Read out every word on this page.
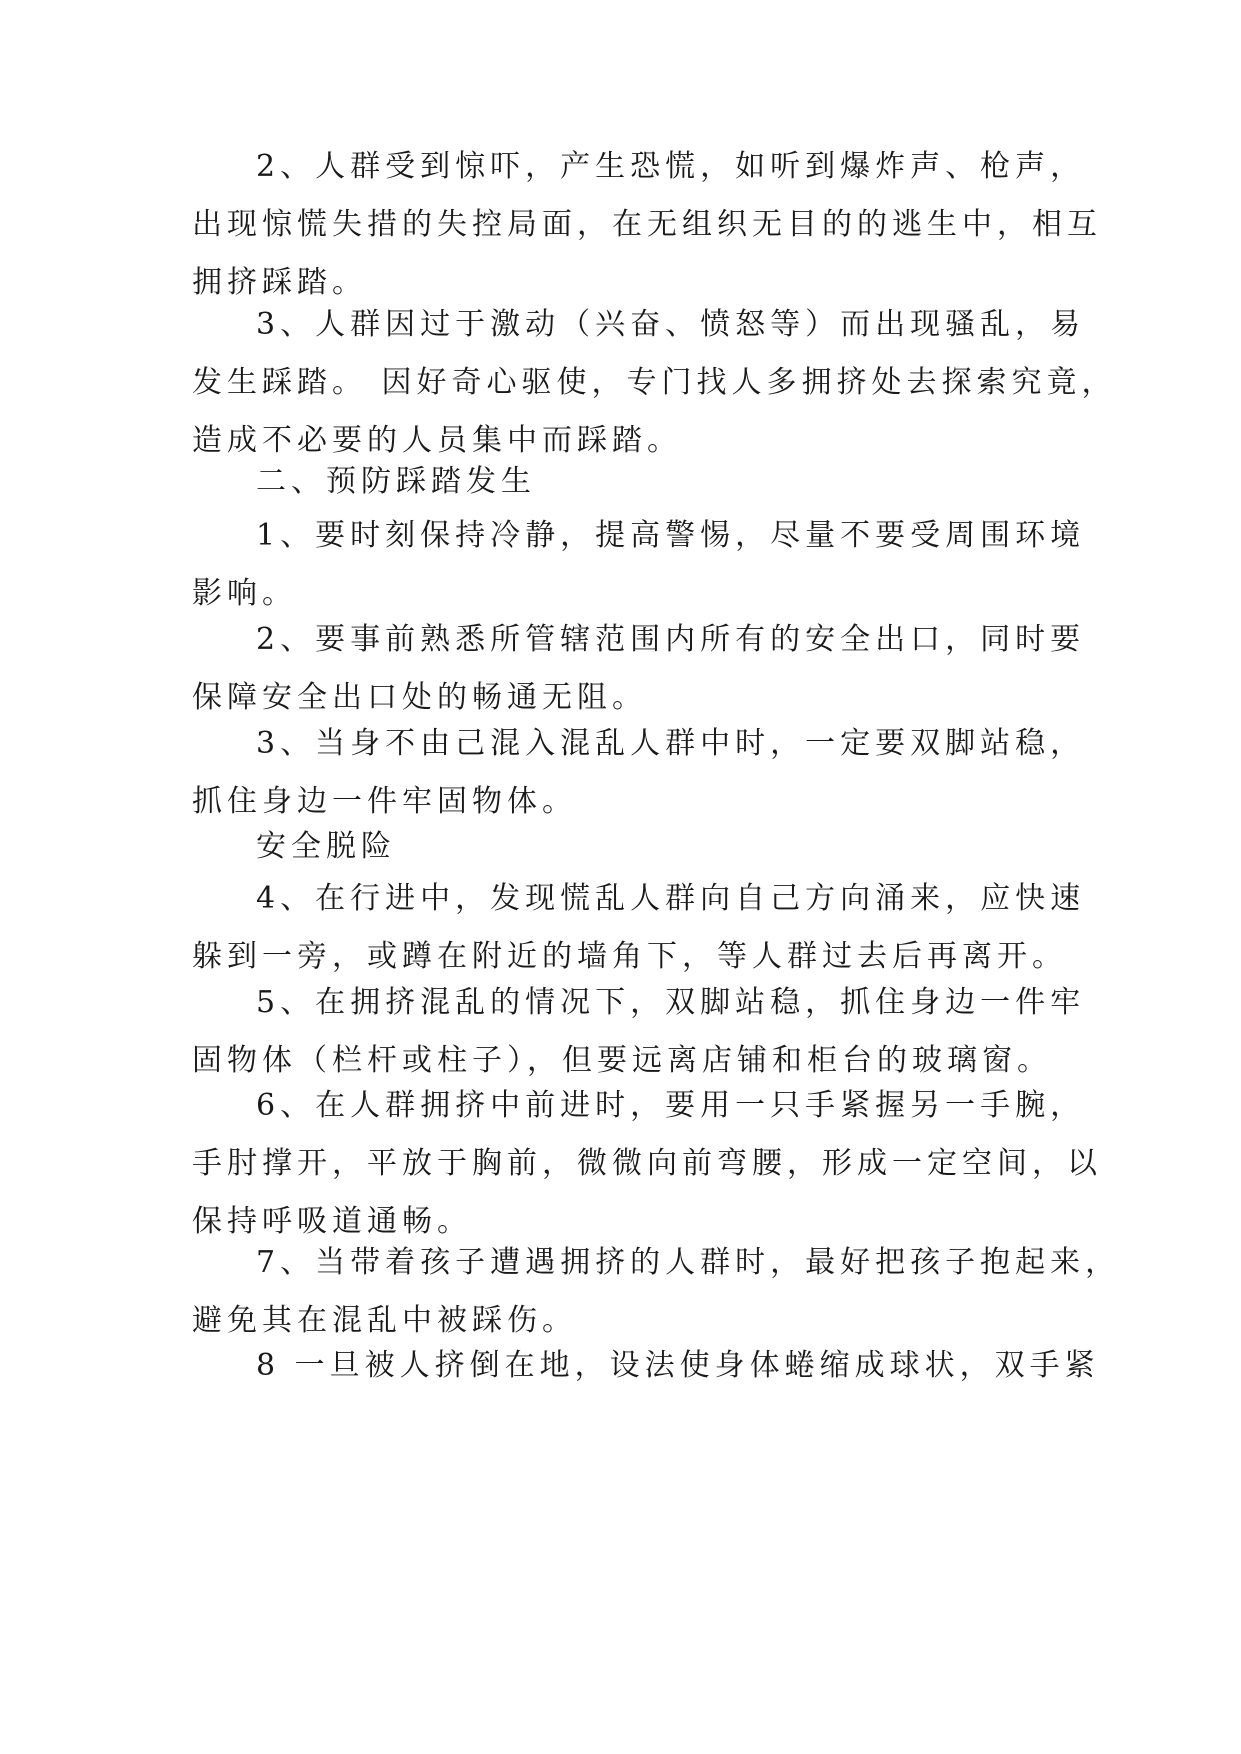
2、人群受到惊吓，产生恐慌，如听到爆炸声、枪声，
出现惊慌失措的失控局面，在无组织无目的的逃生中，相互
拥挤踩踏。
3、人群因过于激动（兴奋、愤怒等）而出现骚乱，易
发生踩踏。 因好奇心驱使，专门找人多拥挤处去探索究竟，
造成不必要的人员集中而踩踏。
二、预防踩踏发生
1、要时刻保持冷静，提高警惕，尽量不要受周围环境
影响。
2、要事前熟悉所管辖范围内所有的安全出口，同时要
保障安全出口处的畅通无阻。
3、当身不由己混入混乱人群中时，一定要双脚站稳，
抓住身边一件牢固物体。
安全脱险
4、在行进中，发现慌乱人群向自己方向涌来，应快速
躲到一旁，或蹲在附近的墙角下，等人群过去后再离开。
5、在拥挤混乱的情况下，双脚站稳，抓住身边一件牢
固物体（栏杆或柱子），但要远离店铺和柜台的玻璃窗。
6、在人群拥挤中前进时，要用一只手紧握另一手腕，
手肘撑开，平放于胸前，微微向前弯腰，形成一定空间，以
保持呼吸道通畅。
7、当带着孩子遭遇拥挤的人群时，最好把孩子抱起来，
避免其在混乱中被踩伤。
8 一旦被人挤倒在地，设法使身体蜷缩成球状，双手紧
